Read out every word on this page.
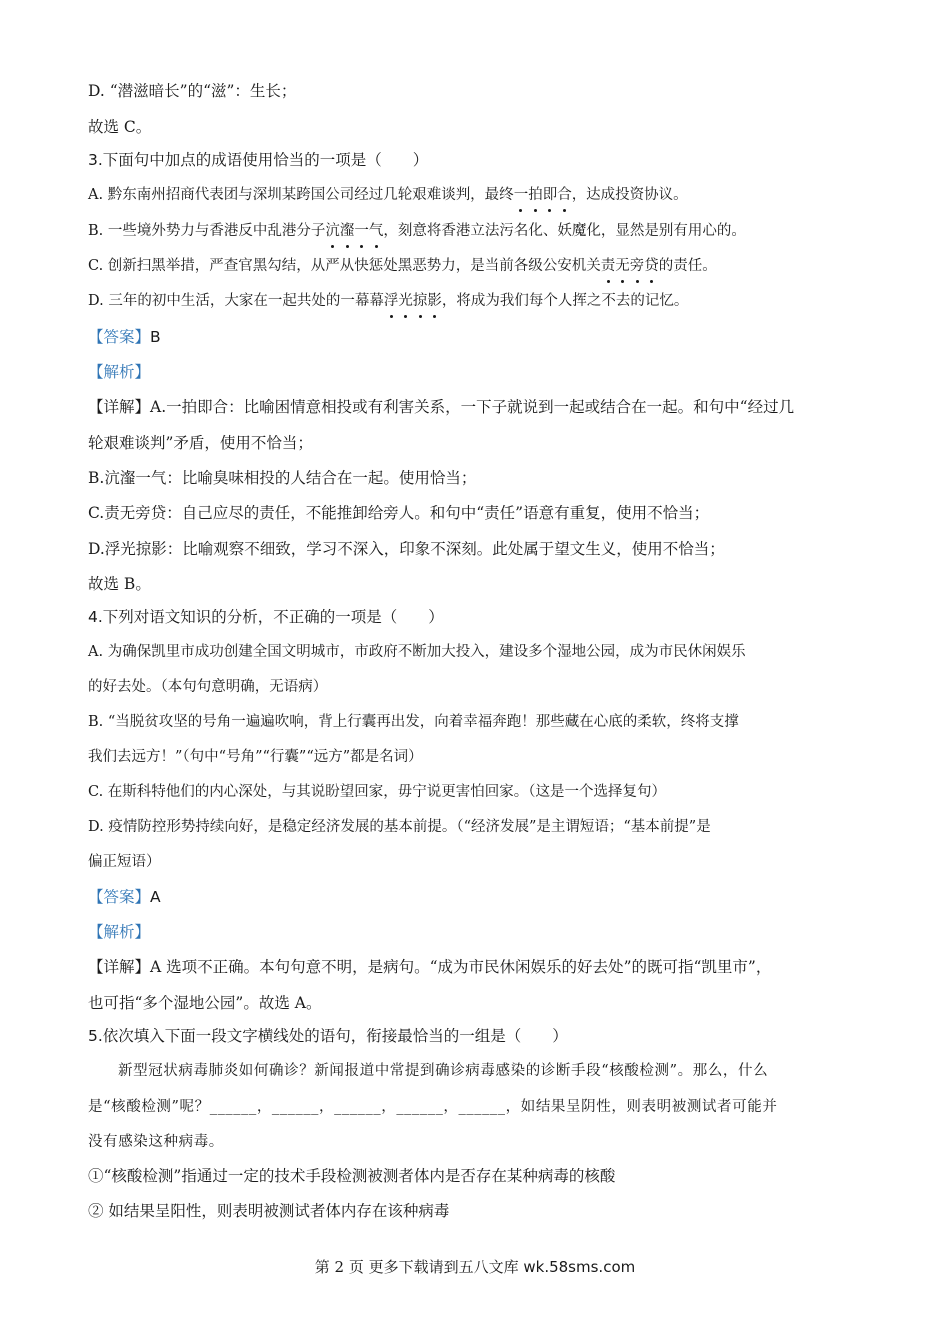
D. “潜滋暗长”的“滋”：生长；
故选 C。
3.下面句中加点的成语使用恰当的一项是（　　）
A. 黔东南州招商代表团与深圳某跨国公司经过几轮艰难谈判，最终一拍即合，达成投资协议。
B. 一些境外势力与香港反中乱港分子沆瀣一气，刻意将香港立法污名化、妖魔化，显然是别有用心的。
C. 创新扫黑举措，严查官黑勾结，从严从快惩处黑恶势力，是当前各级公安机关责无旁贷的责任。
D. 三年的初中生活，大家在一起共处的一幕幕浮光掠影，将成为我们每个人挥之不去的记忆。
【答案】B
【解析】
【详解】A.一拍即合：比喻困情意相投或有利害关系，一下子就说到一起或结合在一起。和句中“经过几
轮艰难谈判”矛盾，使用不恰当；
B.沆瀣一气：比喻臭味相投的人结合在一起。使用恰当；
C.责无旁贷：自己应尽的责任，不能推卸给旁人。和句中“责任”语意有重复，使用不恰当；
D.浮光掠影：比喻观察不细致，学习不深入，印象不深刻。此处属于望文生义，使用不恰当；
故选 B。
4.下列对语文知识的分析，不正确的一项是（　　）
A. 为确保凯里市成功创建全国文明城市，市政府不断加大投入，建设多个湿地公园，成为市民休闲娱乐
的好去处。（本句句意明确，无语病）
B. “当脱贫攻坚的号角一遍遍吹响，背上行囊再出发，向着幸福奔跑！那些藏在心底的柔软，终将支撑
我们去远方！”（句中“号角”“行囊”“远方”都是名词）
C. 在斯科特他们的内心深处，与其说盼望回家，毋宁说更害怕回家。（这是一个选择复句）
D. 疫情防控形势持续向好，是稳定经济发展的基本前提。（“经济发展”是主谓短语；“基本前提”是
偏正短语）
【答案】A
【解析】
【详解】A 选项不正确。本句句意不明，是病句。“成为市民休闲娱乐的好去处”的既可指“凯里市”，
也可指“多个湿地公园”。故选 A。
5.依次填入下面一段文字横线处的语句，衔接最恰当的一组是（　　）
新型冠状病毒肺炎如何确诊？新闻报道中常提到确诊病毒感染的诊断手段“核酸检测”。那么，什么
是“核酸检测”呢？______，______，______，______，______，如结果呈阴性，则表明被测试者可能并
没有感染这种病毒。
①“核酸检测”指通过一定的技术手段检测被测者体内是否存在某种病毒的核酸
② 如结果呈阳性，则表明被测试者体内存在该种病毒
第 2 页 更多下载请到五八文库 wk.58sms.com
